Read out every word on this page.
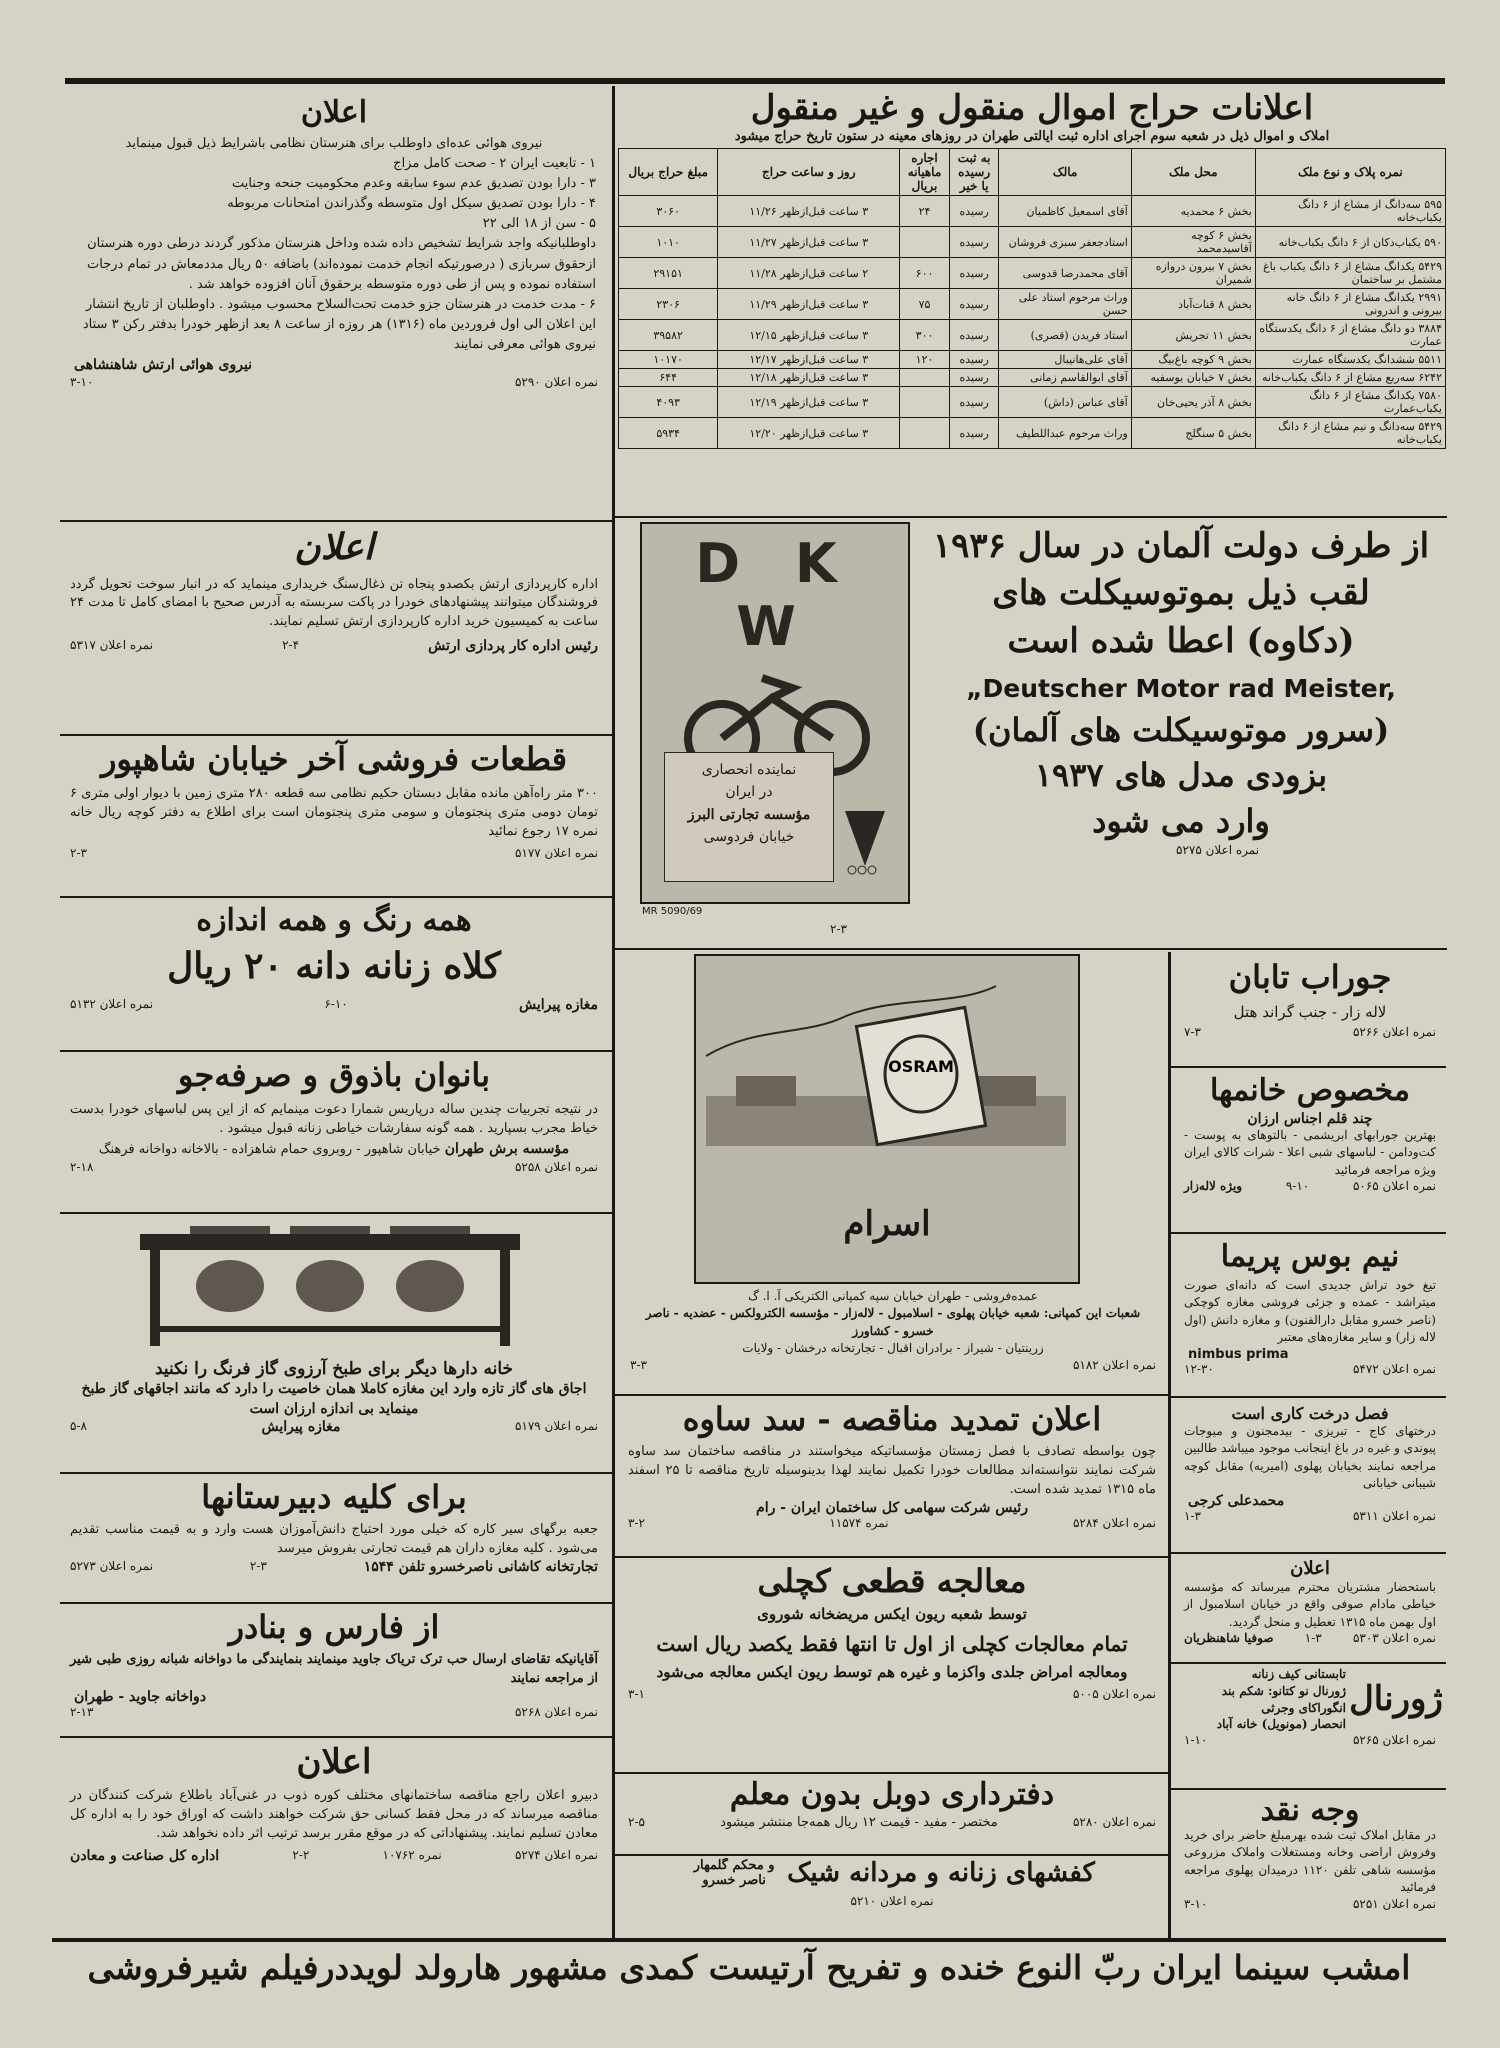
اعلان
نیروی هوائی عده‌ای داوطلب برای هنرستان نظامی باشرایط ذیل قبول مینماید
۱ - تابعیت ایران ۲ - صحت کامل مزاج
۳ - دارا بودن تصدیق عدم سوء سابقه وعدم محکومیت جنحه وجنایت
۴ - دارا بودن تصدیق سیکل اول متوسطه وگذراندن امتحانات مربوطه
۵ - سن از ۱۸ الی ۲۲
داوطلبانیکه واجد شرایط تشخیص داده شده وداخل هنرستان مذکور گردند درطی دوره هنرستان ازحقوق سربازی ( درصورتیکه انجام خدمت نموده‌اند) باضافه ۵۰ ریال مددمعاش در تمام درجات استفاده نموده و پس از طی دوره متوسطه برحقوق آنان افزوده خواهد شد .
۶ - مدت خدمت در هنرستان جزو خدمت تحت‌السلاح محسوب میشود . داوطلبان از تاریخ انتشار این اعلان الی اول فروردین ماه (۱۳۱۶) هر روزه از ساعت ۸ بعد ازظهر خودرا بدفتر رکن ۳ ستاد نیروی هوائی معرفی نمایند
نیروی هوائی ارتش شاهنشاهی
نمره اعلان ۵۲۹۰
۳-۱۰
اعلان
اداره کارپردازی ارتش بکصدو پنجاه تن ذغال‌سنگ خریداری مینماید که در انبار سوخت تحویل گردد فروشندگان میتوانند پیشنهادهای خودرا در پاکت سربسته به آدرس صحیح با امضای کامل تا مدت ۲۴ ساعت به کمیسیون خرید اداره کارپردازی ارتش تسلیم نمایند.
رئیس اداره کار پردازی ارتش
۲-۴
نمره اعلان ۵۳۱۷
قطعات فروشی آخر خیابان شاهپور
۳۰۰ متر راه‌آهن مانده مقابل دبستان حکیم نظامی سه قطعه ۲۸۰ متری زمین با دیوار اولی متری ۶ تومان دومی متری پنجتومان و سومی متری پنجتومان است برای اطلاع به دفتر کوچه ریال خانه نمره ۱۷ رجوع نمائید
نمره اعلان ۵۱۷۷
۲-۳
همه رنگ و همه اندازه
کلاه زنانه دانه ۲۰ ریال
مغازه پیرایش
۶-۱۰
نمره اعلان ۵۱۳۲
بانوان باذوق و صرفه‌جو
در نتیجه تجربیات چندین ساله درپاریس شمارا دعوت مینمایم که از این پس لباسهای خودرا بدست خیاط مجرب بسپارید . همه گونه سفارشات خیاطی زنانه قبول میشود .
مؤسسه برش طهران خیابان شاهپور - روبروی حمام شاهزاده - بالاخانه دواخانه فرهنگ
نمره اعلان ۵۲۵۸
۲-۱۸
خانه دارها دیگر برای طبخ آرزوی گاز فرنگ را نکنید
اجاق های گاز تازه وارد این مغازه کاملا همان خاصیت را دارد که مانند اجاقهای گاز طبخ مینماید بی اندازه ارزان است
نمره اعلان ۵۱۷۹
مغازه پیرایش
۵-۸
برای کلیه دبیرستانها
جعبه برگهای سیر کاره که خیلی مورد احتیاج دانش‌آموزان هست وارد و به قیمت مناسب تقدیم می‌شود . کلیه مغازه داران هم قیمت تجارتی بفروش میرسد
تجارتخانه کاشانی ناصرخسرو تلفن ۱۵۴۴
۲-۳
نمره اعلان ۵۲۷۳
از فارس و بنادر
آقایانیکه تقاضای ارسال حب ترک تریاک جاوید مینمایند بنمایندگی ما دواخانه شبانه روزی طبی شیر از مراجعه نمایند
دواخانه جاوید - طهران
نمره اعلان ۵۲۶۸
۲-۱۳
اعلان
دبیرو اعلان راجع مناقصه ساختمانهای مختلف کوره ذوب در غنی‌آباد باطلاع شرکت کنندگان در مناقصه میرساند که در محل فقط کسانی حق شرکت خواهند داشت که اوراق خود را به اداره کل معادن تسلیم نمایند. پیشنهاداتی که در موقع مقرر برسد ترتیب اثر داده نخواهد شد.
نمره اعلان ۵۲۷۴
نمره ۱۰۷۶۲
۲-۲
اداره کل صناعت و معادن
اعلانات حراج اموال منقول و غیر منقول
املاک و اموال ذیل در شعبه سوم اجرای اداره ثبت ایالتی طهران در روزهای معینه در ستون تاریخ حراج میشود
نمره پلاک و نوع ملک	محل ملک	مالک	به ثبت رسیده یا خیر	اجاره ماهیانه بریال	روز و ساعت حراج	مبلغ حراج بریال
۵۹۵ سه‌دانگ از مشاع از ۶ دانگ یکباب‌خانه	بخش ۶ محمدیه	آقای اسمعیل کاظمیان	رسیده	۲۴	۳ ساعت قبل‌ازظهر ۱۱/۲۶	۳۰۶۰
۵۹۰ یکباب‌دکان از ۶ دانگ یکباب‌خانه	بخش ۶ کوچه آقاسید‌محمد	استادجعفر سبزی فروشان	رسیده		۳ ساعت قبل‌ازظهر ۱۱/۲۷	۱۰۱۰
۵۴۲۹ یکدانگ مشاع از ۶ دانگ یکباب باغ مشتمل بر ساختمان	بخش ۷ بیرون دروازه شمیران	آقای محمدرضا قدوسی	رسیده	۶۰۰	۲ ساعت قبل‌ازظهر ۱۱/۲۸	۲۹۱۵۱
۲۹۹۱ یکدانگ مشاع از ۶ دانگ خانه بیرونی و اندرونی	بخش ۸ قنات‌آباد	وراث مرحوم استاد علی حسن	رسیده	۷۵	۳ ساعت قبل‌ازظهر ۱۱/۲۹	۲۳۰۶
۳۸۸۴ دو دانگ مشاع از ۶ دانگ یکدستگاه عمارت	بخش ۱۱ تجریش	استاد فریدن (قصری)	رسیده	۳۰۰	۳ ساعت قبل‌ازظهر ۱۲/۱۵	۳۹۵۸۲
۵۵۱۱ ششدانگ یکدستگاه عمارت	بخش ۹ کوچه باغ‌بیگ	آقای علی‌هانیبال	رسیده	۱۲۰	۳ ساعت قبل‌ازظهر ۱۲/۱۷	۱۰۱۷۰
۶۲۴۲ سه‌ربع مشاع از ۶ دانگ یکباب‌خانه	بخش ۷ خیابان یوسفیه	آقای ابوالقاسم زمانی	رسیده		۳ ساعت قبل‌ازظهر ۱۲/۱۸	۶۴۴
۷۵۸۰ یکدانگ مشاع از ۶ دانگ یکباب‌عمارت	بخش ۸ آذر یحیی‌خان	آقای عباس (داش)	رسیده		۳ ساعت قبل‌ازظهر ۱۲/۱۹	۴۰۹۳
۵۴۲۹ سه‌دانگ و نیم مشاع از ۶ دانگ یکباب‌خانه	بخش ۵ سنگلج	وراث مرحوم عبداللطیف	رسیده		۳ ساعت قبل‌ازظهر ۱۲/۲۰	۵۹۳۴
D K W
نماینده انحصاری
در ایران
مؤسسه تجارتی البرز
خیابان فردوسی
MR 5090/69
از طرف دولت آلمان در سال ۱۹۳۶
لقب ذیل بموتوسیکلت های
(دکاوه) اعطا شده است
„Deutscher Motor rad Meister,
(سرور موتوسیکلت های آلمان)
بزودی مدل های ۱۹۳۷
وارد می شود
نمره اعلان ۵۲۷۵
۲-۳
OSRAM
اسرام
عمده‌فروشی - طهران خیابان سپه کمپانی الکتریکی آ. ا. گ
شعبات این کمپانی: شعبه خیابان پهلوی - اسلامبول - لاله‌زار - مؤسسه الکترولکس - عضدیه - ناصر خسرو - کشاورز
زرینتیان - شیراز - برادران اقبال - تجارتخانه درخشان - ولایات
نمره اعلان ۵۱۸۲
۳-۳
جوراب تابان
لاله زار - جنب گراند هتل
نمره اعلان ۵۲۶۶
۷-۳
مخصوص خانمها
چند قلم اجناس ارزان
بهترین جورابهای ابریشمی - بالتوهای به پوست - کت‌ودامن - لباسهای شبی اعلا - شرات کالای ایران ویژه مراجعه فرمائید
نمره اعلان ۵۰۶۵
۹-۱۰
ویژه لاله‌زار
نیم بوس پریما
تیغ خود تراش جدیدی است که دانه‌ای صورت میتراشد - عمده و جزئی فروشی مغازه کوچکی (ناصر خسرو مقابل دارالفنون) و مغازه دانش (اول لاله زار) و سایر مغازه‌های معتبر
nimbus prima
نمره اعلان ۵۴۷۲
۱۲-۳۰
فصل درخت کاری است
درختهای کاج - تبریزی - بیدمجنون و میوجات پیوندی و غیره در باغ اینجانب موجود میباشد طالبین مراجعه نمایند بخیابان پهلوی (امیریه) مقابل کوچه شیبانی خیابانی
محمدعلی کرجی
نمره اعلان ۵۳۱۱
۱-۳
اعلان
باستحضار مشتریان محترم میرساند که مؤسسه خیاطی مادام صوفی واقع در خیابان اسلامبول از اول بهمن ماه ۱۳۱۵ تعطیل و منحل گردید.
نمره اعلان ۵۳۰۳
۱-۳
صوفیا شاهنظریان
ژورنال
تابستانی کیف زنانه
ژورنال نو کتانو: شکم بند
انگوراکای وجرثی
انحصار (مونویل) خانه آباد
نمره اعلان ۵۲۶۵
۱-۱۰
وجه نقد
در مقابل املاک ثبت شده بهرمبلغ حاضر برای خرید وفروش اراضی وخانه ومستغلات واملاک مزروعی مؤسسه شاهی تلفن ۱۱۲۰ درمیدان پهلوی مراجعه فرمائید
نمره اعلان ۵۲۵۱
۳-۱۰
اعلان تمدید مناقصه - سد ساوه
چون بواسطه تصادف با فصل زمستان مؤسساتیکه میخواستند در مناقصه ساختمان سد ساوه شرکت نمایند نتوانسته‌اند مطالعات خودرا تکمیل نمایند لهذا بدینوسیله تاریخ مناقصه تا ۲۵ اسفند ماه ۱۳۱۵ تمدید شده است.
رئیس شرکت سهامی کل ساختمان ایران - رام
نمره اعلان ۵۲۸۴
نمره ۱۱۵۷۴
۳-۲
معالجه قطعی کچلی
توسط شعبه ریون ایکس مریضخانه شوروی
تمام معالجات کچلی از اول تا انتها فقط یکصد ریال است
ومعالجه امراض جلدی واکزما و غیره هم توسط ریون ایکس معالجه می‌شود
نمره اعلان ۵۰۰۵
۳-۱
دفترداری دوبل بدون معلم
نمره اعلان ۵۲۸۰
مختصر - مفید - قیمت ۱۲ ریال همه‌جا منتشر میشود
۲-۵
کفشهای زنانه و مردانه شیک
و محکم گلمهار ناصر خسرو
نمره اعلان ۵۲۱۰
امشب سینما ایران ربّ النوع خنده و تفریح آرتیست کمدی مشهور هارولد لویددرفیلم شیرفروشی
